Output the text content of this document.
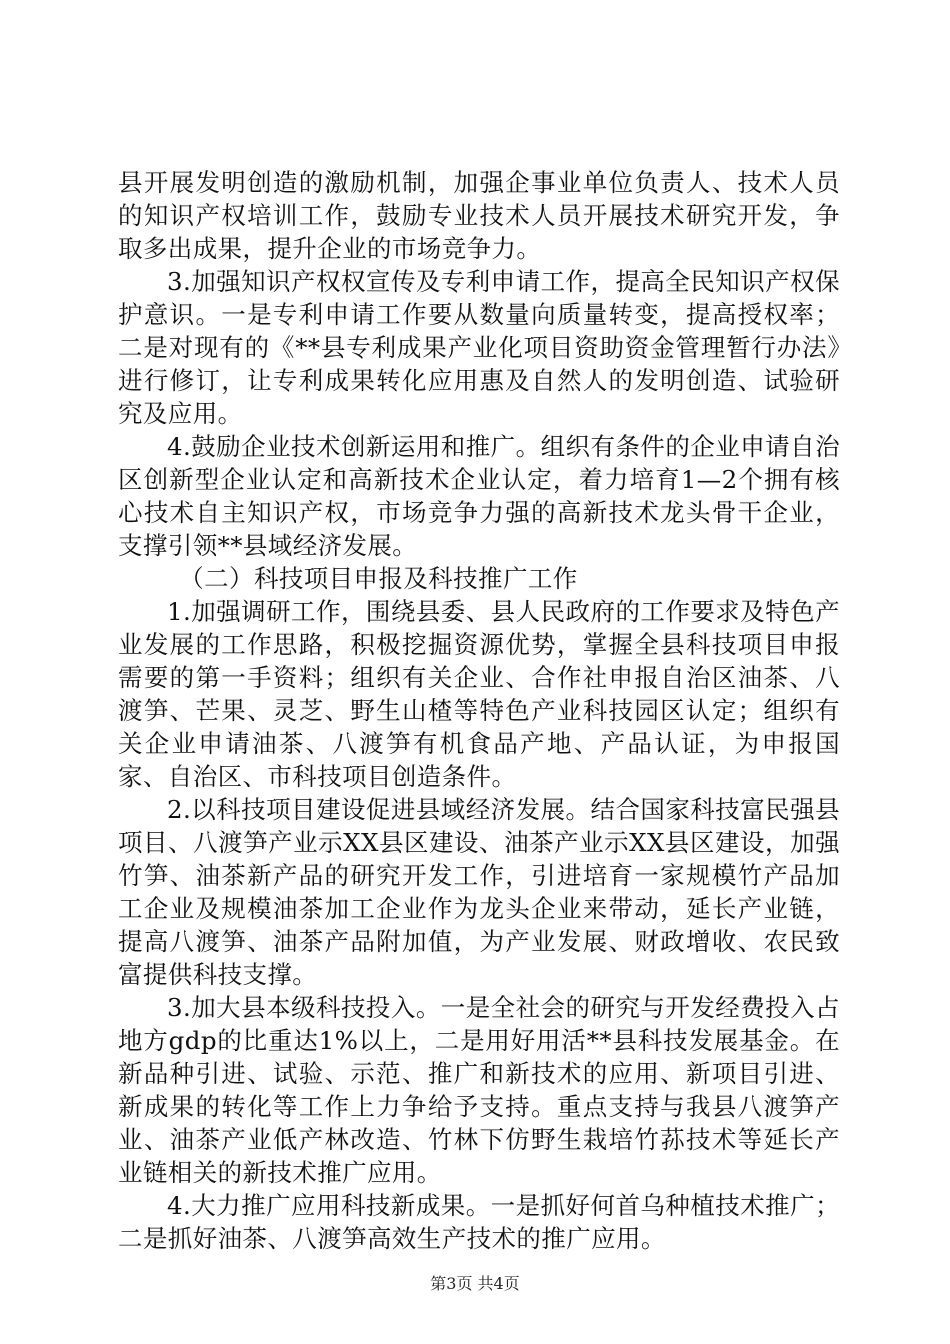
县开展发明创造的激励机制，加强企事业单位负责人、技术人员的知识产权培训工作，鼓励专业技术人员开展技术研究开发，争取多出成果，提升企业的市场竞争力。

3.加强知识产权权宣传及专利申请工作，提高全民知识产权保护意识。一是专利申请工作要从数量向质量转变，提高授权率；二是对现有的《**县专利成果产业化项目资助资金管理暂行办法》进行修订，让专利成果转化应用惠及自然人的发明创造、试验研究及应用。

4.鼓励企业技术创新运用和推广。组织有条件的企业申请自治区创新型企业认定和高新技术企业认定，着力培育1—2个拥有核心技术自主知识产权，市场竞争力强的高新技术龙头骨干企业，支撑引领**县域经济发展。

（二）科技项目申报及科技推广工作

1.加强调研工作，围绕县委、县人民政府的工作要求及特色产业发展的工作思路，积极挖掘资源优势，掌握全县科技项目申报需要的第一手资料；组织有关企业、合作社申报自治区油茶、八渡笋、芒果、灵芝、野生山楂等特色产业科技园区认定；组织有关企业申请油茶、八渡笋有机食品产地、产品认证，为申报国家、自治区、市科技项目创造条件。

2.以科技项目建设促进县域经济发展。结合国家科技富民强县项目、八渡笋产业示XX县区建设、油茶产业示XX县区建设，加强竹笋、油茶新产品的研究开发工作，引进培育一家规模竹产品加工企业及规模油茶加工企业作为龙头企业来带动，延长产业链，提高八渡笋、油茶产品附加值，为产业发展、财政增收、农民致富提供科技支撑。

3.加大县本级科技投入。一是全社会的研究与开发经费投入占地方gdp的比重达1%以上，二是用好用活**县科技发展基金。在新品种引进、试验、示范、推广和新技术的应用、新项目引进、新成果的转化等工作上力争给予支持。重点支持与我县八渡笋产业、油茶产业低产林改造、竹林下仿野生栽培竹荪技术等延长产业链相关的新技术推广应用。

4.大力推广应用科技新成果。一是抓好何首乌种植技术推广；二是抓好油茶、八渡笋高效生产技术的推广应用。

第3页 共4页
